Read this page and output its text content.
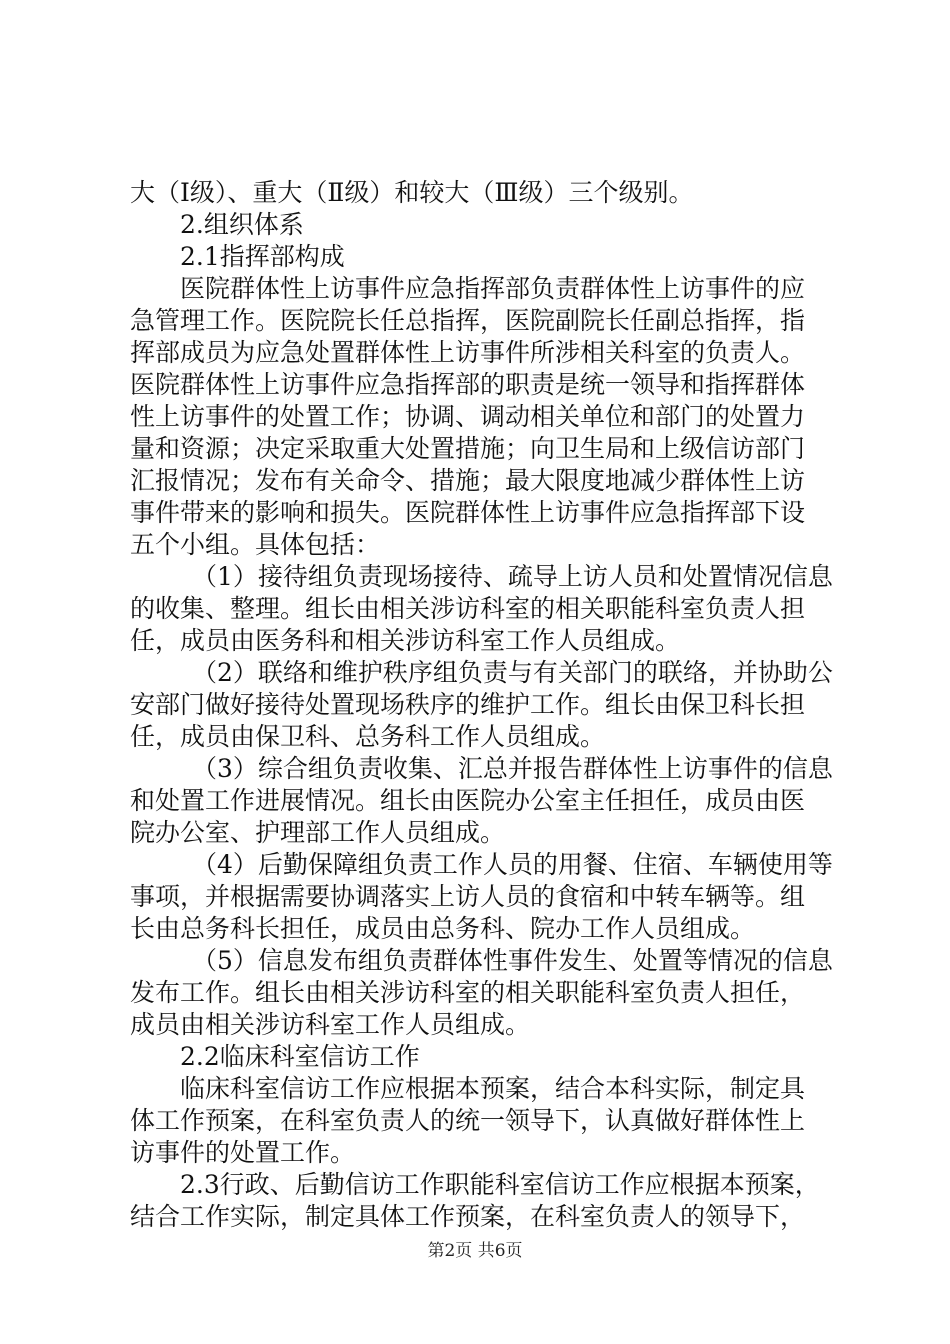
大（Ⅰ级）、重大（Ⅱ级）和较大（Ⅲ级）三个级别。
2.组织体系
2.1指挥部构成
医院群体性上访事件应急指挥部负责群体性上访事件的应
急管理工作。医院院长任总指挥，医院副院长任副总指挥，指
挥部成员为应急处置群体性上访事件所涉相关科室的负责人。
医院群体性上访事件应急指挥部的职责是统一领导和指挥群体
性上访事件的处置工作；协调、调动相关单位和部门的处置力
量和资源；决定采取重大处置措施；向卫生局和上级信访部门
汇报情况；发布有关命令、措施；最大限度地减少群体性上访
事件带来的影响和损失。医院群体性上访事件应急指挥部下设
五个小组。具体包括：
（1）接待组负责现场接待、疏导上访人员和处置情况信息
的收集、整理。组长由相关涉访科室的相关职能科室负责人担
任，成员由医务科和相关涉访科室工作人员组成。
（2）联络和维护秩序组负责与有关部门的联络，并协助公
安部门做好接待处置现场秩序的维护工作。组长由保卫科长担
任，成员由保卫科、总务科工作人员组成。
（3）综合组负责收集、汇总并报告群体性上访事件的信息
和处置工作进展情况。组长由医院办公室主任担任，成员由医
院办公室、护理部工作人员组成。
（4）后勤保障组负责工作人员的用餐、住宿、车辆使用等
事项，并根据需要协调落实上访人员的食宿和中转车辆等。组
长由总务科长担任，成员由总务科、院办工作人员组成。
（5）信息发布组负责群体性事件发生、处置等情况的信息
发布工作。组长由相关涉访科室的相关职能科室负责人担任，
成员由相关涉访科室工作人员组成。
2.2临床科室信访工作
临床科室信访工作应根据本预案，结合本科实际，制定具
体工作预案，在科室负责人的统一领导下，认真做好群体性上
访事件的处置工作。
2.3行政、后勤信访工作职能科室信访工作应根据本预案，
结合工作实际，制定具体工作预案，在科室负责人的领导下，
第2页 共6页
